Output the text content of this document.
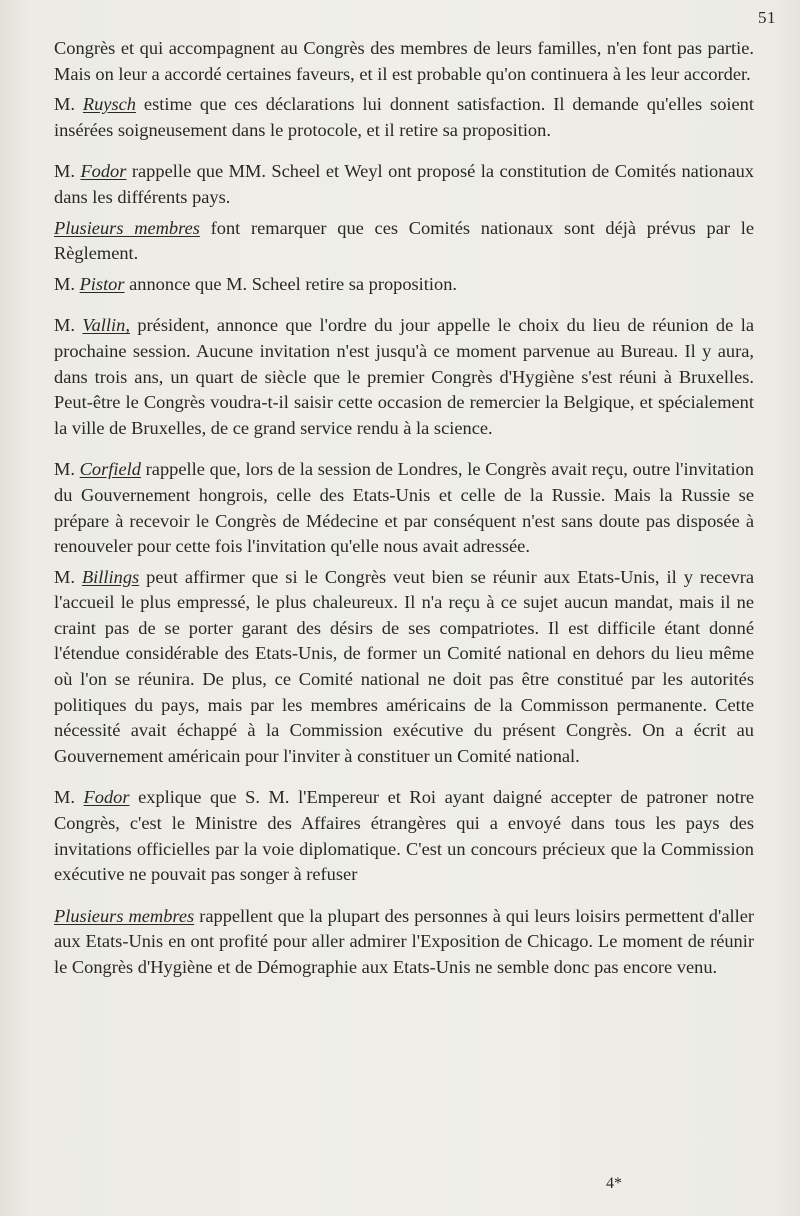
51

Congrès et qui accompagnent au Congrès des membres de leurs familles, n'en font pas partie. Mais on leur a accordé certaines faveurs, et il est probable qu'on continuera à les leur accorder.

M. Ruysch estime que ces déclarations lui donnent satisfaction. Il demande qu'elles soient insérées soigneusement dans le protocole, et il retire sa proposition.

M. Fodor rappelle que MM. Scheel et Weyl ont proposé la constitution de Comités nationaux dans les différents pays.

Plusieurs membres font remarquer que ces Comités nationaux sont déjà prévus par le Règlement.

M. Pistor annonce que M. Scheel retire sa proposition.

M. Vallin, président, annonce que l'ordre du jour appelle le choix du lieu de réunion de la prochaine session. Aucune invitation n'est jusqu'à ce moment parvenue au Bureau. Il y aura, dans trois ans, un quart de siècle que le premier Congrès d'Hygiène s'est réuni à Bruxelles. Peut-être le Congrès voudra-t-il saisir cette occasion de remercier la Belgique, et spécialement la ville de Bruxelles, de ce grand service rendu à la science.

M. Corfield rappelle que, lors de la session de Londres, le Congrès avait reçu, outre l'invitation du Gouvernement hongrois, celle des Etats-Unis et celle de la Russie. Mais la Russie se prépare à recevoir le Congrès de Médecine et par conséquent n'est sans doute pas disposée à renouveler pour cette fois l'invitation qu'elle nous avait adressée.

M. Billings peut affirmer que si le Congrès veut bien se réunir aux Etats-Unis, il y recevra l'accueil le plus empressé, le plus chaleureux. Il n'a reçu à ce sujet aucun mandat, mais il ne craint pas de se porter garant des désirs de ses compatriotes. Il est difficile étant donné l'étendue considérable des Etats-Unis, de former un Comité national en dehors du lieu même où l'on se réunira. De plus, ce Comité national ne doit pas être constitué par les autorités politiques du pays, mais par les membres américains de la Commisson permanente. Cette nécessité avait échappé à la Commission exécutive du présent Congrès. On a écrit au Gouvernement américain pour l'inviter à constituer un Comité national.

M. Fodor explique que S. M. l'Empereur et Roi ayant daigné accepter de patroner notre Congrès, c'est le Ministre des Affaires étrangères qui a envoyé dans tous les pays des invitations officielles par la voie diplomatique. C'est un concours précieux que la Commission exécutive ne pouvait pas songer à refuser

Plusieurs membres rappellent que la plupart des personnes à qui leurs loisirs permettent d'aller aux Etats-Unis en ont profité pour aller admirer l'Exposition de Chicago. Le moment de réunir le Congrès d'Hygiène et de Démographie aux Etats-Unis ne semble donc pas encore venu.

4*
